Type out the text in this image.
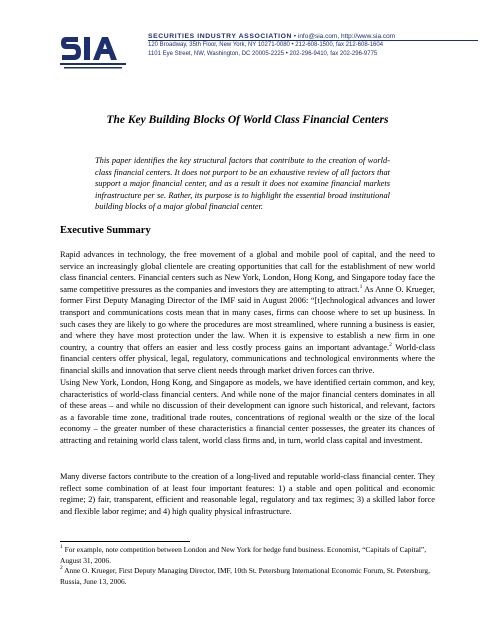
SECURITIES INDUSTRY ASSOCIATION • info@sia.com, http://www.sia.com
120 Broadway, 35th Floor, New York, NY 10271-0080 • 212-608-1500, fax 212-608-1604
1101 Eye Street, NW, Washington, DC 20005-2225 • 202-296-9410, fax 202-296-9775
The Key Building Blocks Of World Class Financial Centers
This paper identifies the key structural factors that contribute to the creation of world-class financial centers. It does not purport to be an exhaustive review of all factors that support a major financial center, and as a result it does not examine financial markets infrastructure per se. Rather, its purpose is to highlight the essential broad institutional building blocks of a major global financial center.
Executive Summary
Rapid advances in technology, the free movement of a global and mobile pool of capital, and the need to service an increasingly global clientele are creating opportunities that call for the establishment of new world class financial centers. Financial centers such as New York, London, Hong Kong, and Singapore today face the same competitive pressures as the companies and investors they are attempting to attract.$^1$ As Anne O. Krueger, former First Deputy Managing Director of the IMF said in August 2006: “[t]echnological advances and lower transport and communications costs mean that in many cases, firms can choose where to set up business. In such cases they are likely to go where the procedures are most streamlined, where running a business is easier, and where they have most protection under the law. When it is expensive to establish a new firm in one country, a country that offers an easier and less costly process gains an important advantage.$^2$ World-class financial centers offer physical, legal, regulatory, communications and technological environments where the financial skills and innovation that serve client needs through market driven forces can thrive.
Using New York, London, Hong Kong, and Singapore as models, we have identified certain common, and key, characteristics of world-class financial centers. And while none of the major financial centers dominates in all of these areas – and while no discussion of their development can ignore such historical, and relevant, factors as a favorable time zone, traditional trade routes, concentrations of regional wealth or the size of the local economy – the greater number of these characteristics a financial center possesses, the greater its chances of attracting and retaining world class talent, world class firms and, in turn, world class capital and investment.
Many diverse factors contribute to the creation of a long-lived and reputable world-class financial center. They reflect some combination of at least four important features: 1) a stable and open political and economic regime; 2) fair, transparent, efficient and reasonable legal, regulatory and tax regimes; 3) a skilled labor force and flexible labor regime; and 4) high quality physical infrastructure.

$^1$ For example, note competition between London and New York for hedge fund business. Economist, “Capitals of Capital”, August 31, 2006.

$^2$ Anne O. Krueger, First Deputy Managing Director, IMF, 10th St. Petersburg International Economic Forum, St. Petersburg, Russia, June 13, 2006.
